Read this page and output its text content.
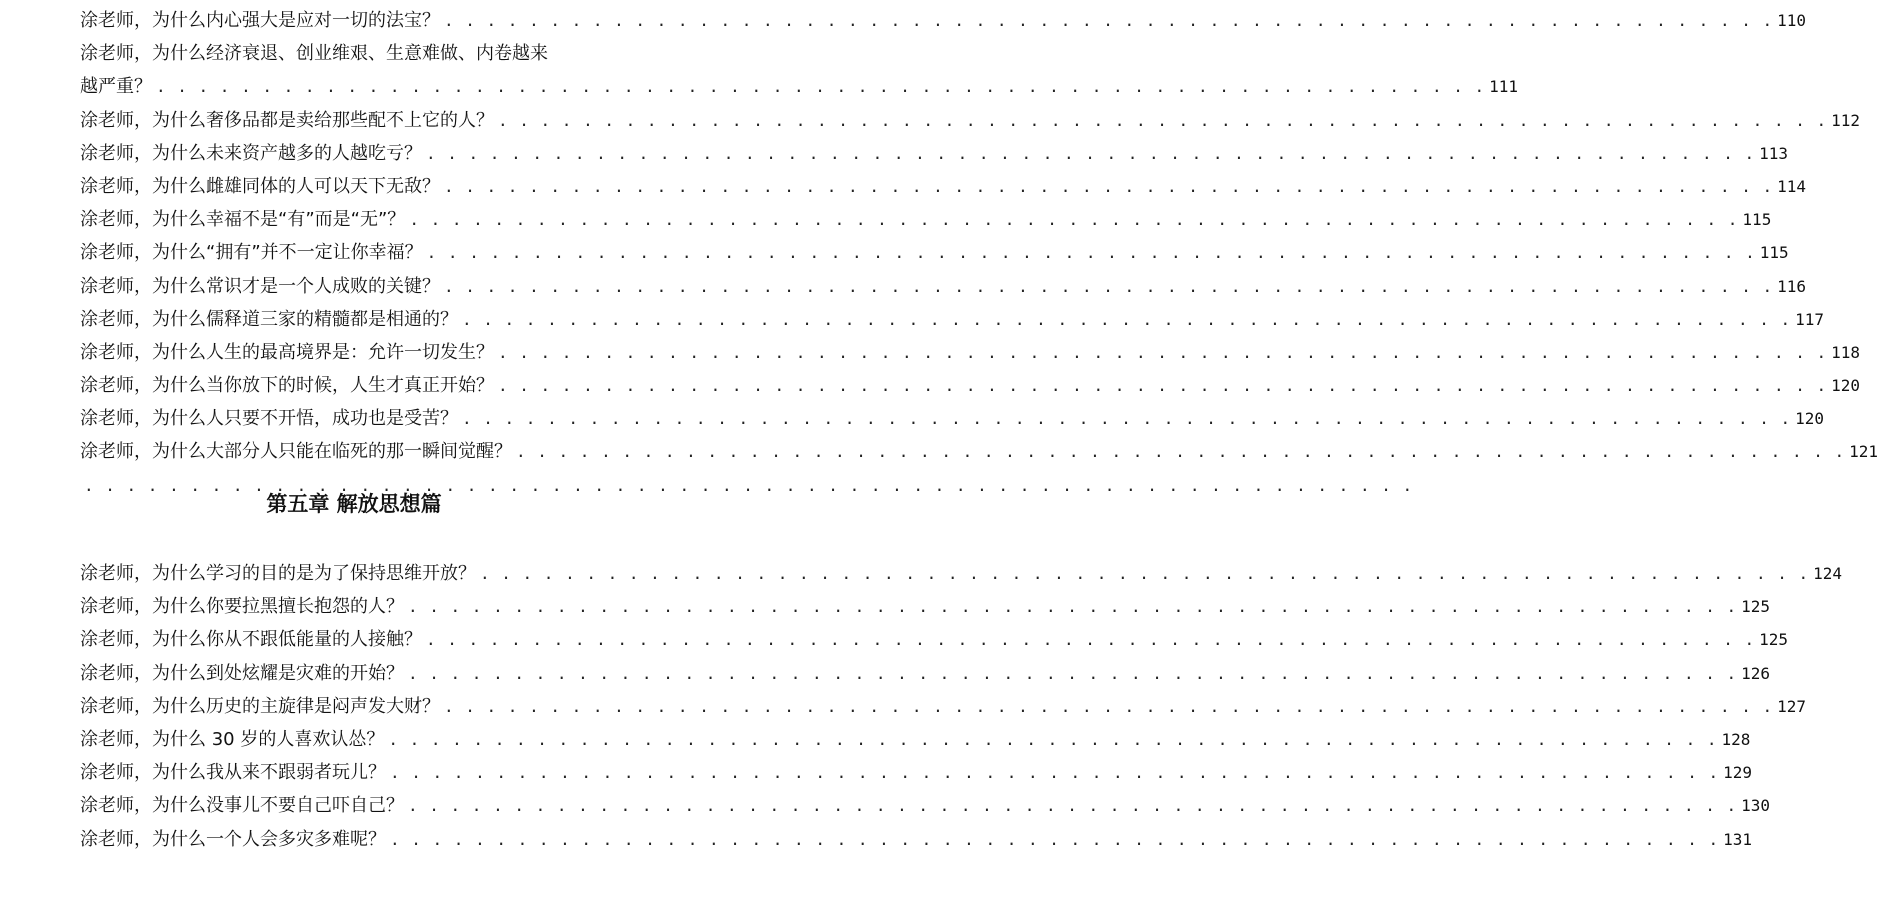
涂老师，为什么内心强大是应对一切的法宝？ . . . . . . . . . . . . . . . . . . . . . . . . . . . . . . . . . . . . . . . . . . . . . . . . . . . . . . . . . . . . . . . 110
涂老师，为什么经济衰退、创业维艰、生意难做、内卷越来
越严重？ . . . . . . . . . . . . . . . . . . . . . . . . . . . . . . . . . . . . . . . . . . . . . . . . . . . . . . . . . . . . . . . 111
涂老师，为什么奢侈品都是卖给那些配不上它的人？ . . . . . . . . . . . . . . . . . . . . . . . . . . . . . . . . . . . . . . . . . . . . . . . . . . . . . . . . . . . . . . . 112
涂老师，为什么未来资产越多的人越吃亏？ . . . . . . . . . . . . . . . . . . . . . . . . . . . . . . . . . . . . . . . . . . . . . . . . . . . . . . . . . . . . . . . 113
涂老师，为什么雌雄同体的人可以天下无敌？ . . . . . . . . . . . . . . . . . . . . . . . . . . . . . . . . . . . . . . . . . . . . . . . . . . . . . . . . . . . . . . . 114
涂老师，为什么幸福不是“有”而是“无”？ . . . . . . . . . . . . . . . . . . . . . . . . . . . . . . . . . . . . . . . . . . . . . . . . . . . . . . . . . . . . . . . 115
涂老师，为什么“拥有”并不一定让你幸福？ . . . . . . . . . . . . . . . . . . . . . . . . . . . . . . . . . . . . . . . . . . . . . . . . . . . . . . . . . . . . . . . 115
涂老师，为什么常识才是一个人成败的关键？ . . . . . . . . . . . . . . . . . . . . . . . . . . . . . . . . . . . . . . . . . . . . . . . . . . . . . . . . . . . . . . . 116
涂老师，为什么儒释道三家的精髓都是相通的？ . . . . . . . . . . . . . . . . . . . . . . . . . . . . . . . . . . . . . . . . . . . . . . . . . . . . . . . . . . . . . . . 117
涂老师，为什么人生的最高境界是：允许一切发生？ . . . . . . . . . . . . . . . . . . . . . . . . . . . . . . . . . . . . . . . . . . . . . . . . . . . . . . . . . . . . . . . 118
涂老师，为什么当你放下的时候，人生才真正开始？ . . . . . . . . . . . . . . . . . . . . . . . . . . . . . . . . . . . . . . . . . . . . . . . . . . . . . . . . . . . . . . . 120
涂老师，为什么人只要不开悟，成功也是受苦？ . . . . . . . . . . . . . . . . . . . . . . . . . . . . . . . . . . . . . . . . . . . . . . . . . . . . . . . . . . . . . . . 120
涂老师，为什么大部分人只能在临死的那一瞬间觉醒？ . . . . . . . . . . . . . . . . . . . . . . . . . . . . . . . . . . . . . . . . . . . . . . . . . . . . . . . . . . . . . . . 121
. . . . . . . . . . . . . . . . . . . . . . . . . . . . . . . . . . . . . . . . . . . . . . . . . . . . . . . . . . . . . . .
第五章 解放思想篇
涂老师，为什么学习的目的是为了保持思维开放？ . . . . . . . . . . . . . . . . . . . . . . . . . . . . . . . . . . . . . . . . . . . . . . . . . . . . . . . . . . . . . . . 124
涂老师，为什么你要拉黑擅长抱怨的人？ . . . . . . . . . . . . . . . . . . . . . . . . . . . . . . . . . . . . . . . . . . . . . . . . . . . . . . . . . . . . . . . 125
涂老师，为什么你从不跟低能量的人接触？ . . . . . . . . . . . . . . . . . . . . . . . . . . . . . . . . . . . . . . . . . . . . . . . . . . . . . . . . . . . . . . . 125
涂老师，为什么到处炫耀是灾难的开始？ . . . . . . . . . . . . . . . . . . . . . . . . . . . . . . . . . . . . . . . . . . . . . . . . . . . . . . . . . . . . . . . 126
涂老师，为什么历史的主旋律是闷声发大财？ . . . . . . . . . . . . . . . . . . . . . . . . . . . . . . . . . . . . . . . . . . . . . . . . . . . . . . . . . . . . . . . 127
涂老师，为什么 30 岁的人喜欢认怂？ . . . . . . . . . . . . . . . . . . . . . . . . . . . . . . . . . . . . . . . . . . . . . . . . . . . . . . . . . . . . . . . 128
涂老师，为什么我从来不跟弱者玩儿？ . . . . . . . . . . . . . . . . . . . . . . . . . . . . . . . . . . . . . . . . . . . . . . . . . . . . . . . . . . . . . . . 129
涂老师，为什么没事儿不要自己吓自己？ . . . . . . . . . . . . . . . . . . . . . . . . . . . . . . . . . . . . . . . . . . . . . . . . . . . . . . . . . . . . . . . 130
涂老师，为什么一个人会多灾多难呢？ . . . . . . . . . . . . . . . . . . . . . . . . . . . . . . . . . . . . . . . . . . . . . . . . . . . . . . . . . . . . . . . 131
